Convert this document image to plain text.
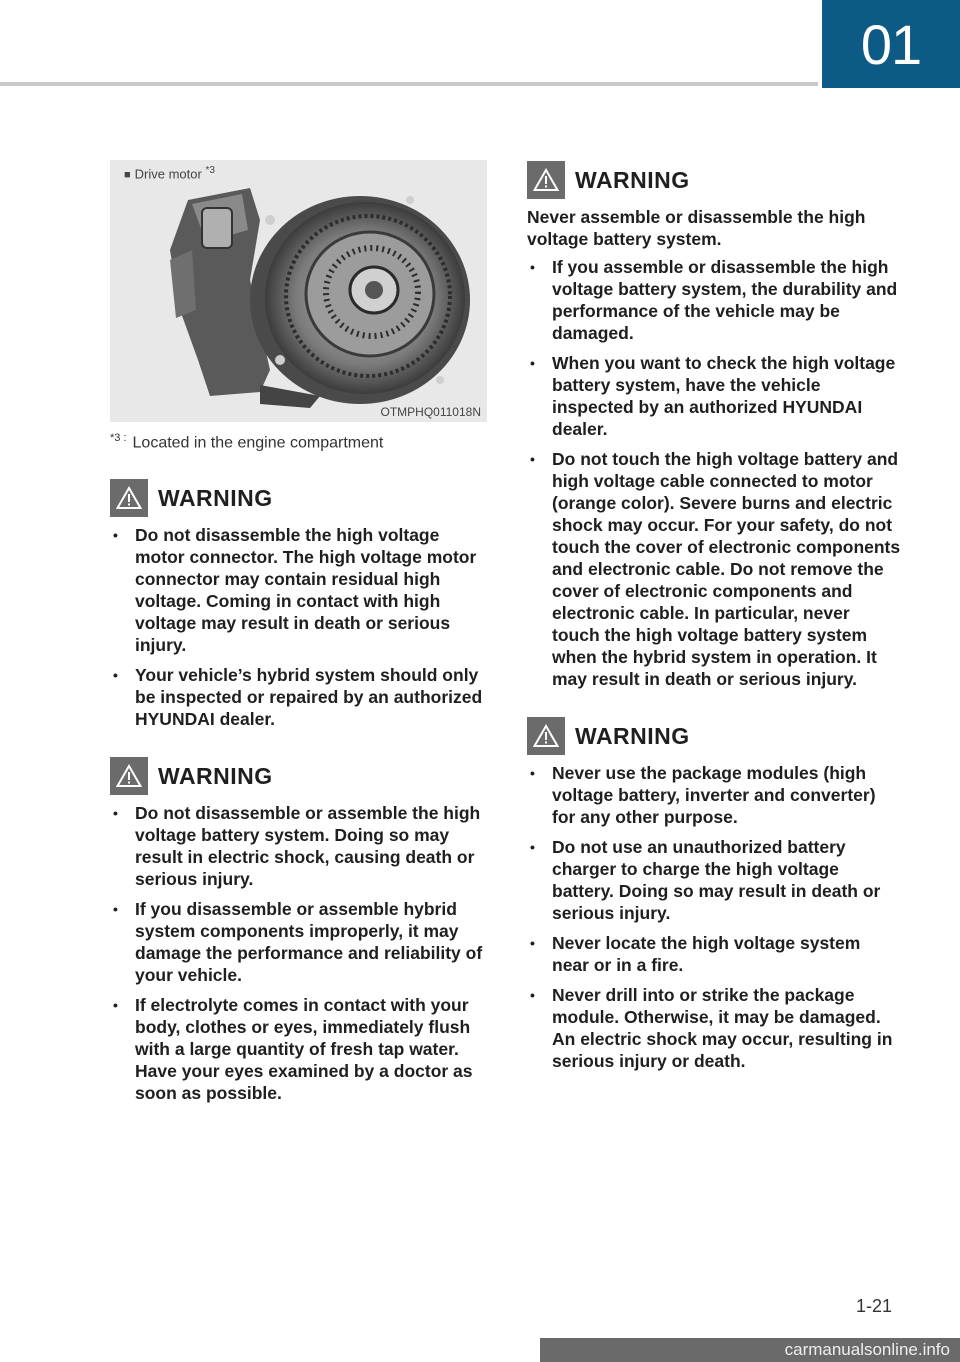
01
■ Drive motor $^{*3}$
OTMPHQ011018N
$^{*3 :}$ Located in the engine compartment
WARNING
• Do not disassemble the high voltage motor connector. The high voltage motor connector may contain residual high voltage. Coming in contact with high voltage may result in death or serious injury.
• Your vehicle’s hybrid system should only be inspected or repaired by an authorized HYUNDAI dealer.
WARNING
• Do not disassemble or assemble the high voltage battery system. Doing so may result in electric shock, causing death or serious injury.
• If you disassemble or assemble hybrid system components improperly, it may damage the performance and reliability of your vehicle.
• If electrolyte comes in contact with your body, clothes or eyes, immediately flush with a large quantity of fresh tap water. Have your eyes examined by a doctor as soon as possible.
WARNING

Never assemble or disassemble the high voltage battery system.

• If you assemble or disassemble the high voltage battery system, the durability and performance of the vehicle may be damaged.
• When you want to check the high voltage battery system, have the vehicle inspected by an authorized HYUNDAI dealer.
• Do not touch the high voltage battery and high voltage cable connected to motor (orange color). Severe burns and electric shock may occur. For your safety, do not touch the cover of electronic components and electronic cable. Do not remove the cover of electronic components and electronic cable. In particular, never touch the high voltage battery system when the hybrid system in operation. It may result in death or serious injury.
WARNING
• Never use the package modules (high voltage battery, inverter and converter) for any other purpose.
• Do not use an unauthorized battery charger to charge the high voltage battery. Doing so may result in death or serious injury.
• Never locate the high voltage system near or in a fire.
• Never drill into or strike the package module. Otherwise, it may be damaged. An electric shock may occur, resulting in serious injury or death.
1-21
carmanualsonline.info
